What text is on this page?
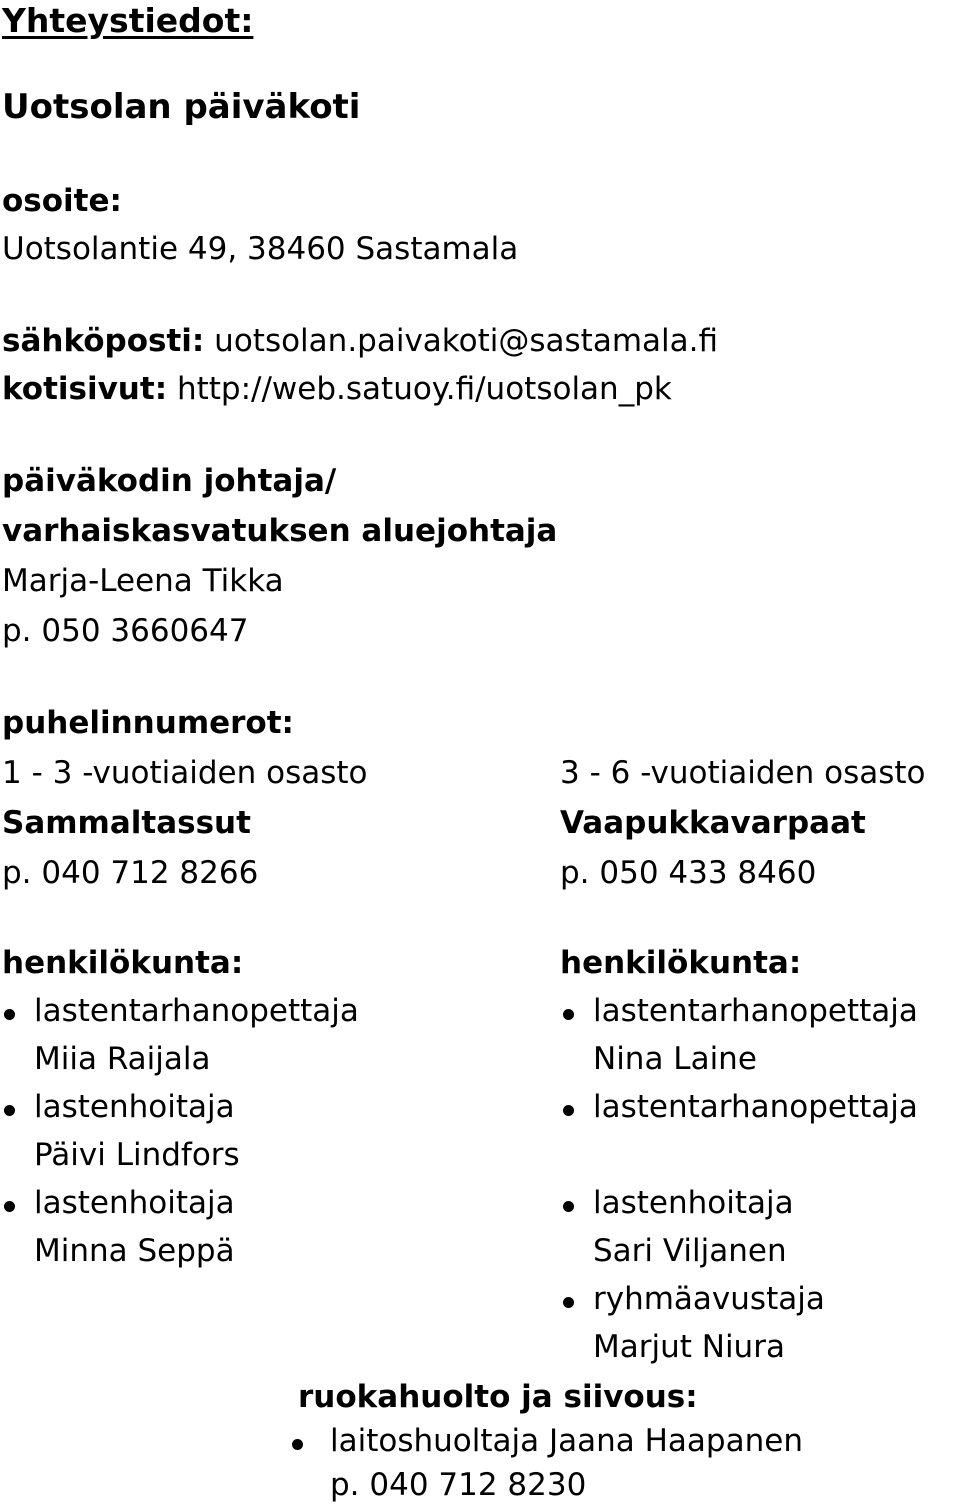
Yhteystiedot:
Uotsolan päiväkoti
osoite:
Uotsolantie 49, 38460 Sastamala
sähköposti: uotsolan.paivakoti@sastamala.fi
kotisivut: http://web.satuoy.fi/uotsolan_pk
päiväkodin johtaja/
varhaiskasvatuksen aluejohtaja
Marja-Leena Tikka
p. 050 3660647
puhelinnumerot:
1 - 3 -vuotiaiden osasto
Sammaltassut
p. 040 712 8266
3 - 6 -vuotiaiden osasto
Vaapukkavarpaat
p. 050 433 8460
henkilökunta:
lastentarhanopettaja
Miia Raijala
lastenhoitaja
Päivi Lindfors
lastenhoitaja
Minna Seppä
henkilökunta:
lastentarhanopettaja
Nina Laine
lastentarhanopettaja
lastenhoitaja
Sari Viljanen
ryhmäavustaja
Marjut Niura
ruokahuolto ja siivous:
laitoshuoltaja Jaana Haapanen
p. 040 712 8230
